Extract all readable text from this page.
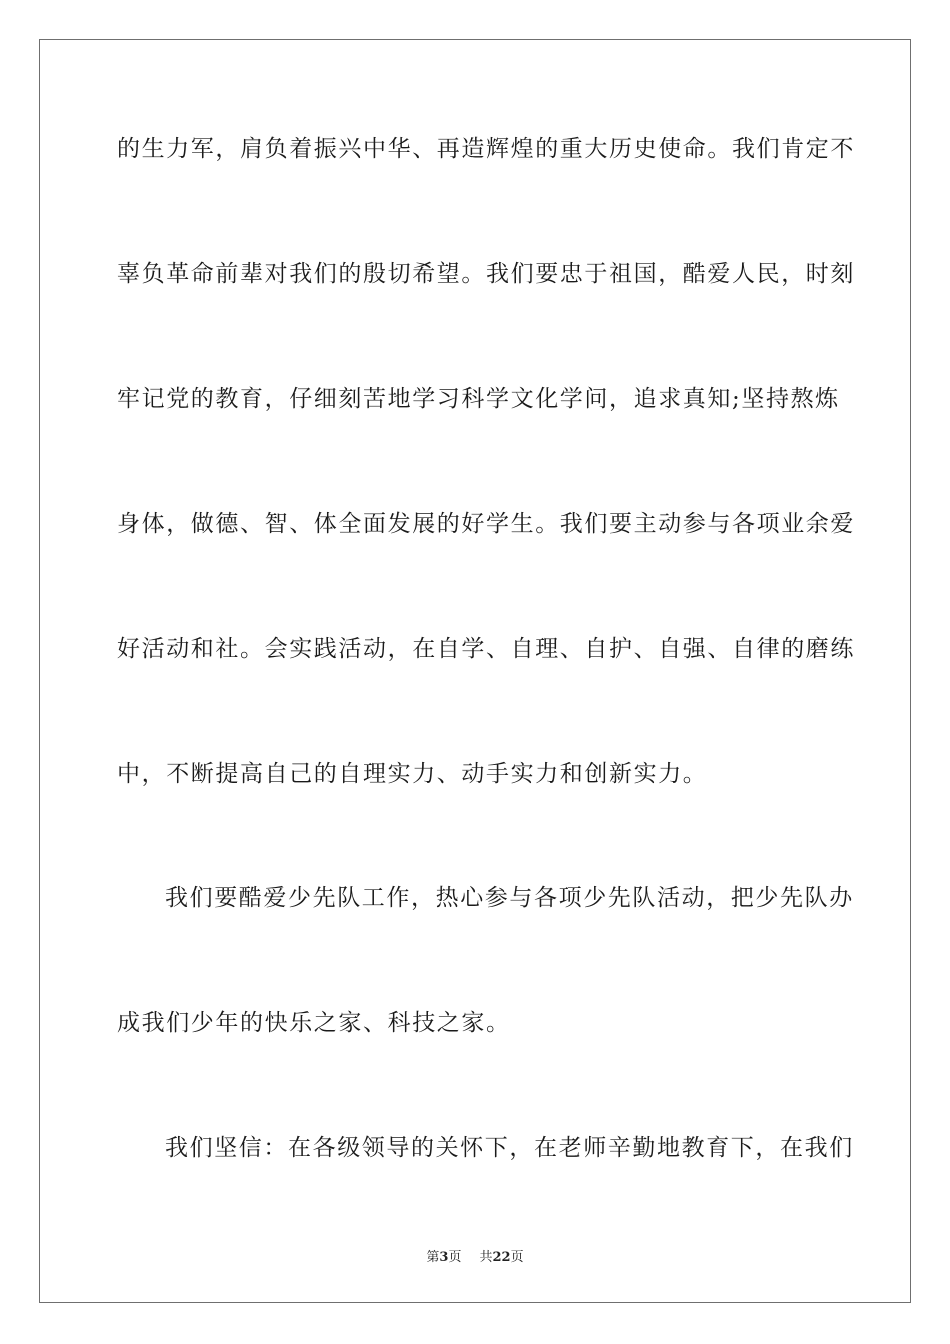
的生力军，肩负着振兴中华、再造辉煌的重大历史使命。我们肯定不
辜负革命前辈对我们的殷切希望。我们要忠于祖国，酷爱人民，时刻
牢记党的教育，仔细刻苦地学习科学文化学问，追求真知;坚持熬炼
身体，做德、智、体全面发展的好学生。我们要主动参与各项业余爱
好活动和社。会实践活动，在自学、自理、自护、自强、自律的磨练
中，不断提高自己的自理实力、动手实力和创新实力。
我们要酷爱少先队工作，热心参与各项少先队活动，把少先队办
成我们少年的快乐之家、科技之家。
我们坚信：在各级领导的关怀下，在老师辛勤地教育下，在我们
第3页 共22页
